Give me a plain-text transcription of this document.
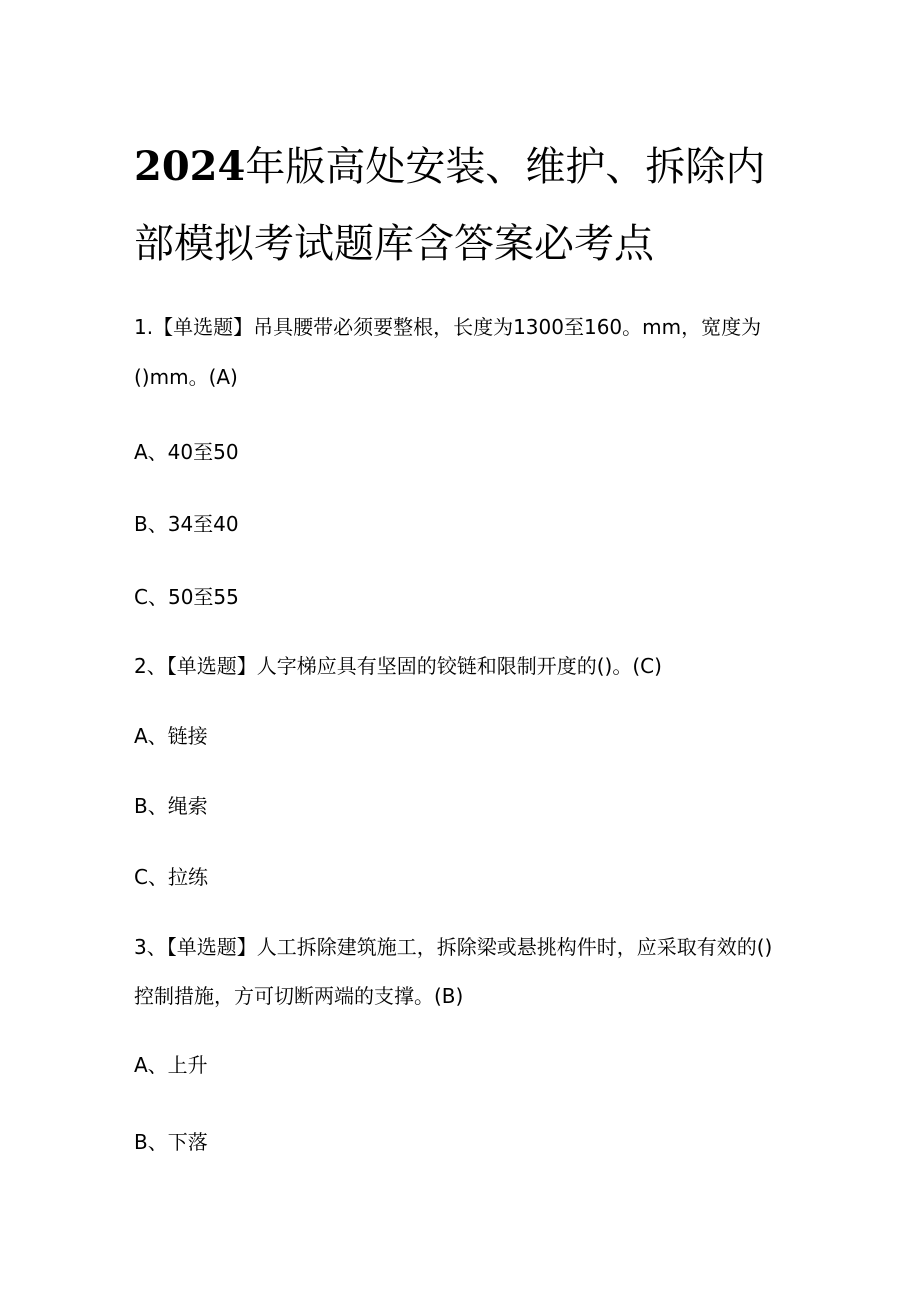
2024年版高处安装、维护、拆除内
部模拟考试题库含答案必考点
1.【单选题】吊具腰带必须要整根，长度为1300至160。mm，宽度为
()mm。(A)
A、40至50
B、34至40
C、50至55
2、【单选题】人字梯应具有坚固的铰链和限制开度的()。(C)
A、链接
B、绳索
C、拉练
3、【单选题】人工拆除建筑施工，拆除梁或悬挑构件时，应采取有效的()
控制措施，方可切断两端的支撑。(B)
A、上升
B、下落
